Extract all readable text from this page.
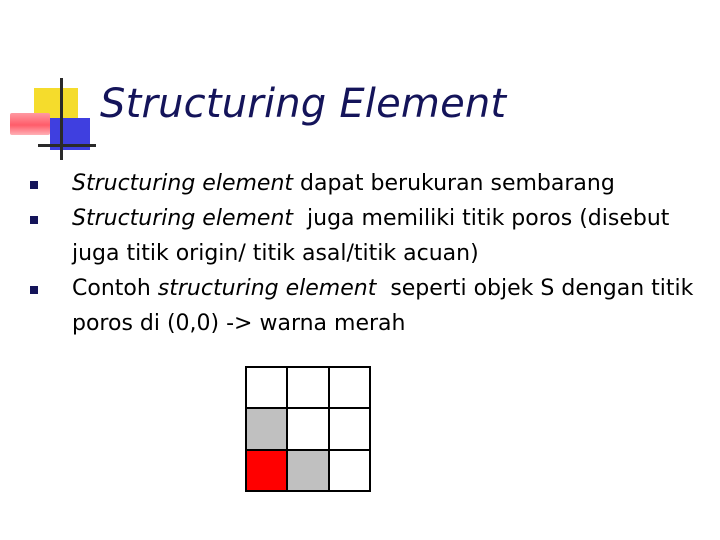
Structuring Element
Structuring element dapat berukuran sembarang
Structuring element  juga memiliki titik poros (disebut juga titik origin/ titik asal/titik acuan)
Contoh structuring element  seperti objek S dengan titik poros di (0,0) -> warna merah
